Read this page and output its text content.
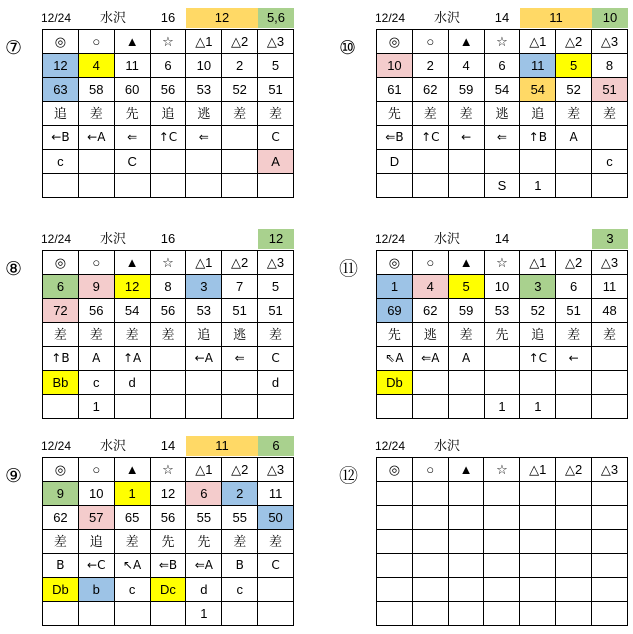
⑦
12/24	水沢	16	12	5,6
◎	○	▲	☆	△1	△2	△3
12	4	11	6	10	2	5
63	58	60	56	53	52	51
追	差	先	追	逃	差	差
←B	←A	⇐	↑C	⇐		C
c		C				A

⑩
12/24	水沢	14	11	10
◎	○	▲	☆	△1	△2	△3
10	2	4	6	11	5	8
61	62	59	54	54	52	51
先	差	差	逃	追	差	差
⇐B	↑C	←	⇐	↑B	A	
D						c
			S	1		
⑧
12/24	水沢	16	12
◎	○	▲	☆	△1	△2	△3
6	9	12	8	3	7	5
72	56	54	56	53	51	51
差	差	差	差	追	逃	差
↑B	A	↑A		←A	⇐	C
Bb	c	d				d
	1					
⑪
12/24	水沢	14	3
◎	○	▲	☆	△1	△2	△3
1	4	5	10	3	6	11
69	62	59	53	52	51	48
先	逃	差	先	追	差	差
⇖A	⇐A	A		↑C	←	
Db						
			1	1		
⑨
12/24	水沢	14	11	6
◎	○	▲	☆	△1	△2	△3
9	10	1	12	6	2	11
62	57	65	56	55	55	50
差	追	差	先	先	差	差
B	←C	↖A	⇐B	⇐A	B	C
Db	b	c	Dc	d	c	
				1		
⑫
12/24	水沢
◎	○	▲	☆	△1	△2	△3
